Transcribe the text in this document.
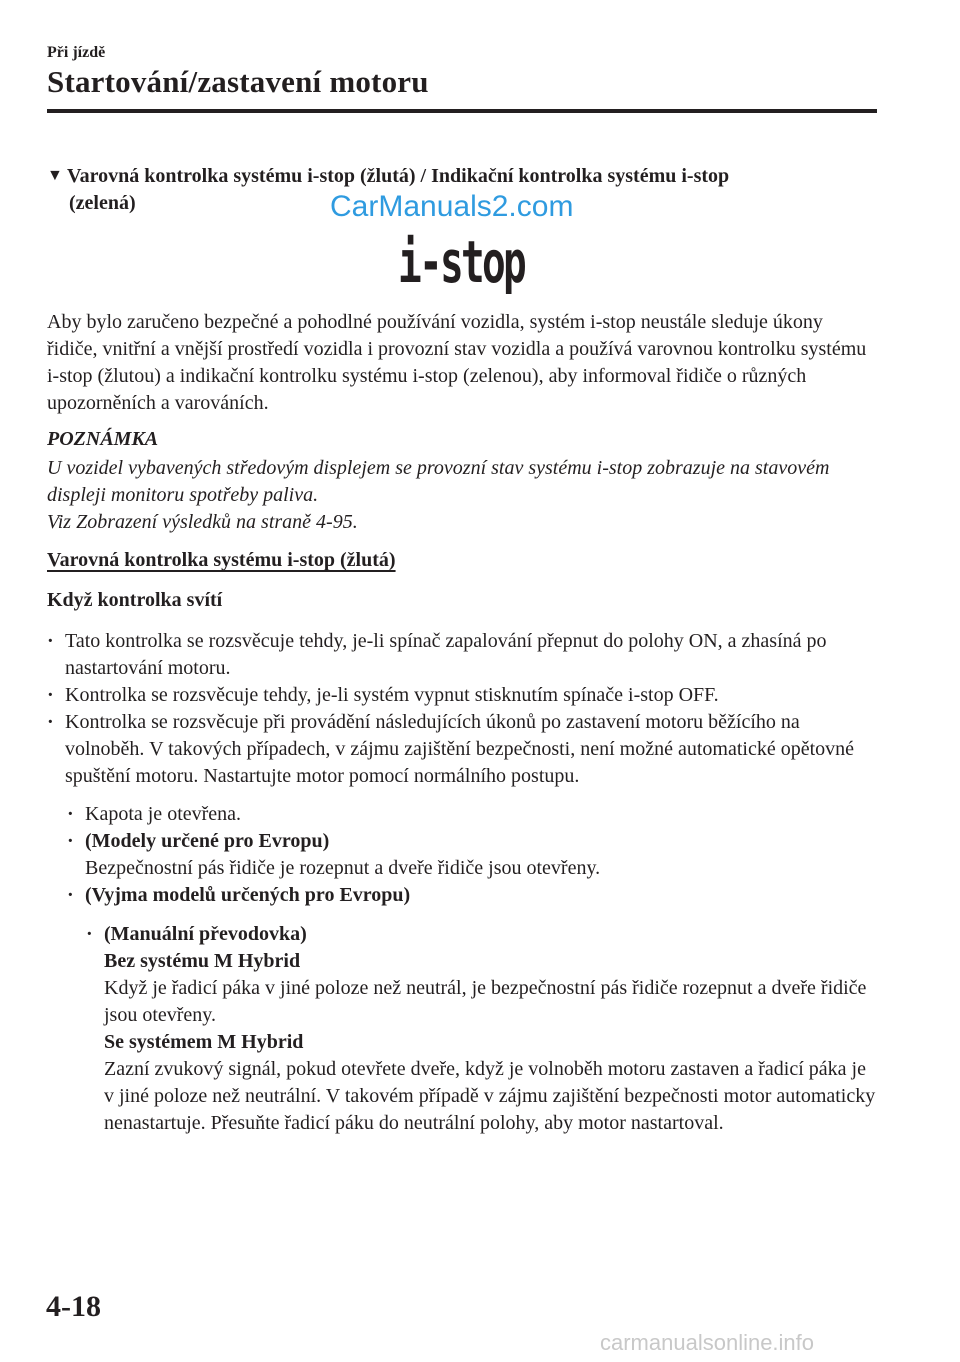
Při jízdě
Startování/zastavení motoru
▼ Varovná kontrolka systému i-stop (žlutá) / Indikační kontrolka systému i-stop
(zelená)	CarManuals2.com
i-stop
Aby bylo zaručeno bezpečné a pohodlné používání vozidla, systém i-stop neustále sleduje úkony řidiče, vnitřní a vnější prostředí vozidla i provozní stav vozidla a používá varovnou kontrolku systému i-stop (žlutou) a indikační kontrolku systému i-stop (zelenou), aby informoval řidiče o různých upozorněních a varováních.
POZNÁMKA
U vozidel vybavených středovým displejem se provozní stav systému i-stop zobrazuje na stavovém displeji monitoru spotřeby paliva.
Viz Zobrazení výsledků na straně 4-95.
Varovná kontrolka systému i-stop (žlutá)
Když kontrolka svítí
· Tato kontrolka se rozsvěcuje tehdy, je-li spínač zapalování přepnut do polohy ON, a zhasíná po nastartování motoru.
· Kontrolka se rozsvěcuje tehdy, je-li systém vypnut stisknutím spínače i-stop OFF.
· Kontrolka se rozsvěcuje při provádění následujících úkonů po zastavení motoru běžícího na volnoběh. V takových případech, v zájmu zajištění bezpečnosti, není možné automatické opětovné spuštění motoru. Nastartujte motor pomocí normálního postupu.
· Kapota je otevřena.
· (Modely určené pro Evropu)
Bezpečnostní pás řidiče je rozepnut a dveře řidiče jsou otevřeny.
· (Vyjma modelů určených pro Evropu)
· (Manuální převodovka)
Bez systému M Hybrid
Když je řadicí páka v jiné poloze než neutrál, je bezpečnostní pás řidiče rozepnut a dveře řidiče jsou otevřeny.
Se systémem M Hybrid
Zazní zvukový signál, pokud otevřete dveře, když je volnoběh motoru zastaven a řadicí páka je v jiné poloze než neutrální. V takovém případě v zájmu zajištění bezpečnosti motor automaticky nenastartuje. Přesuňte řadicí páku do neutrální polohy, aby motor nastartoval.
4-18
carmanualsonline.info
